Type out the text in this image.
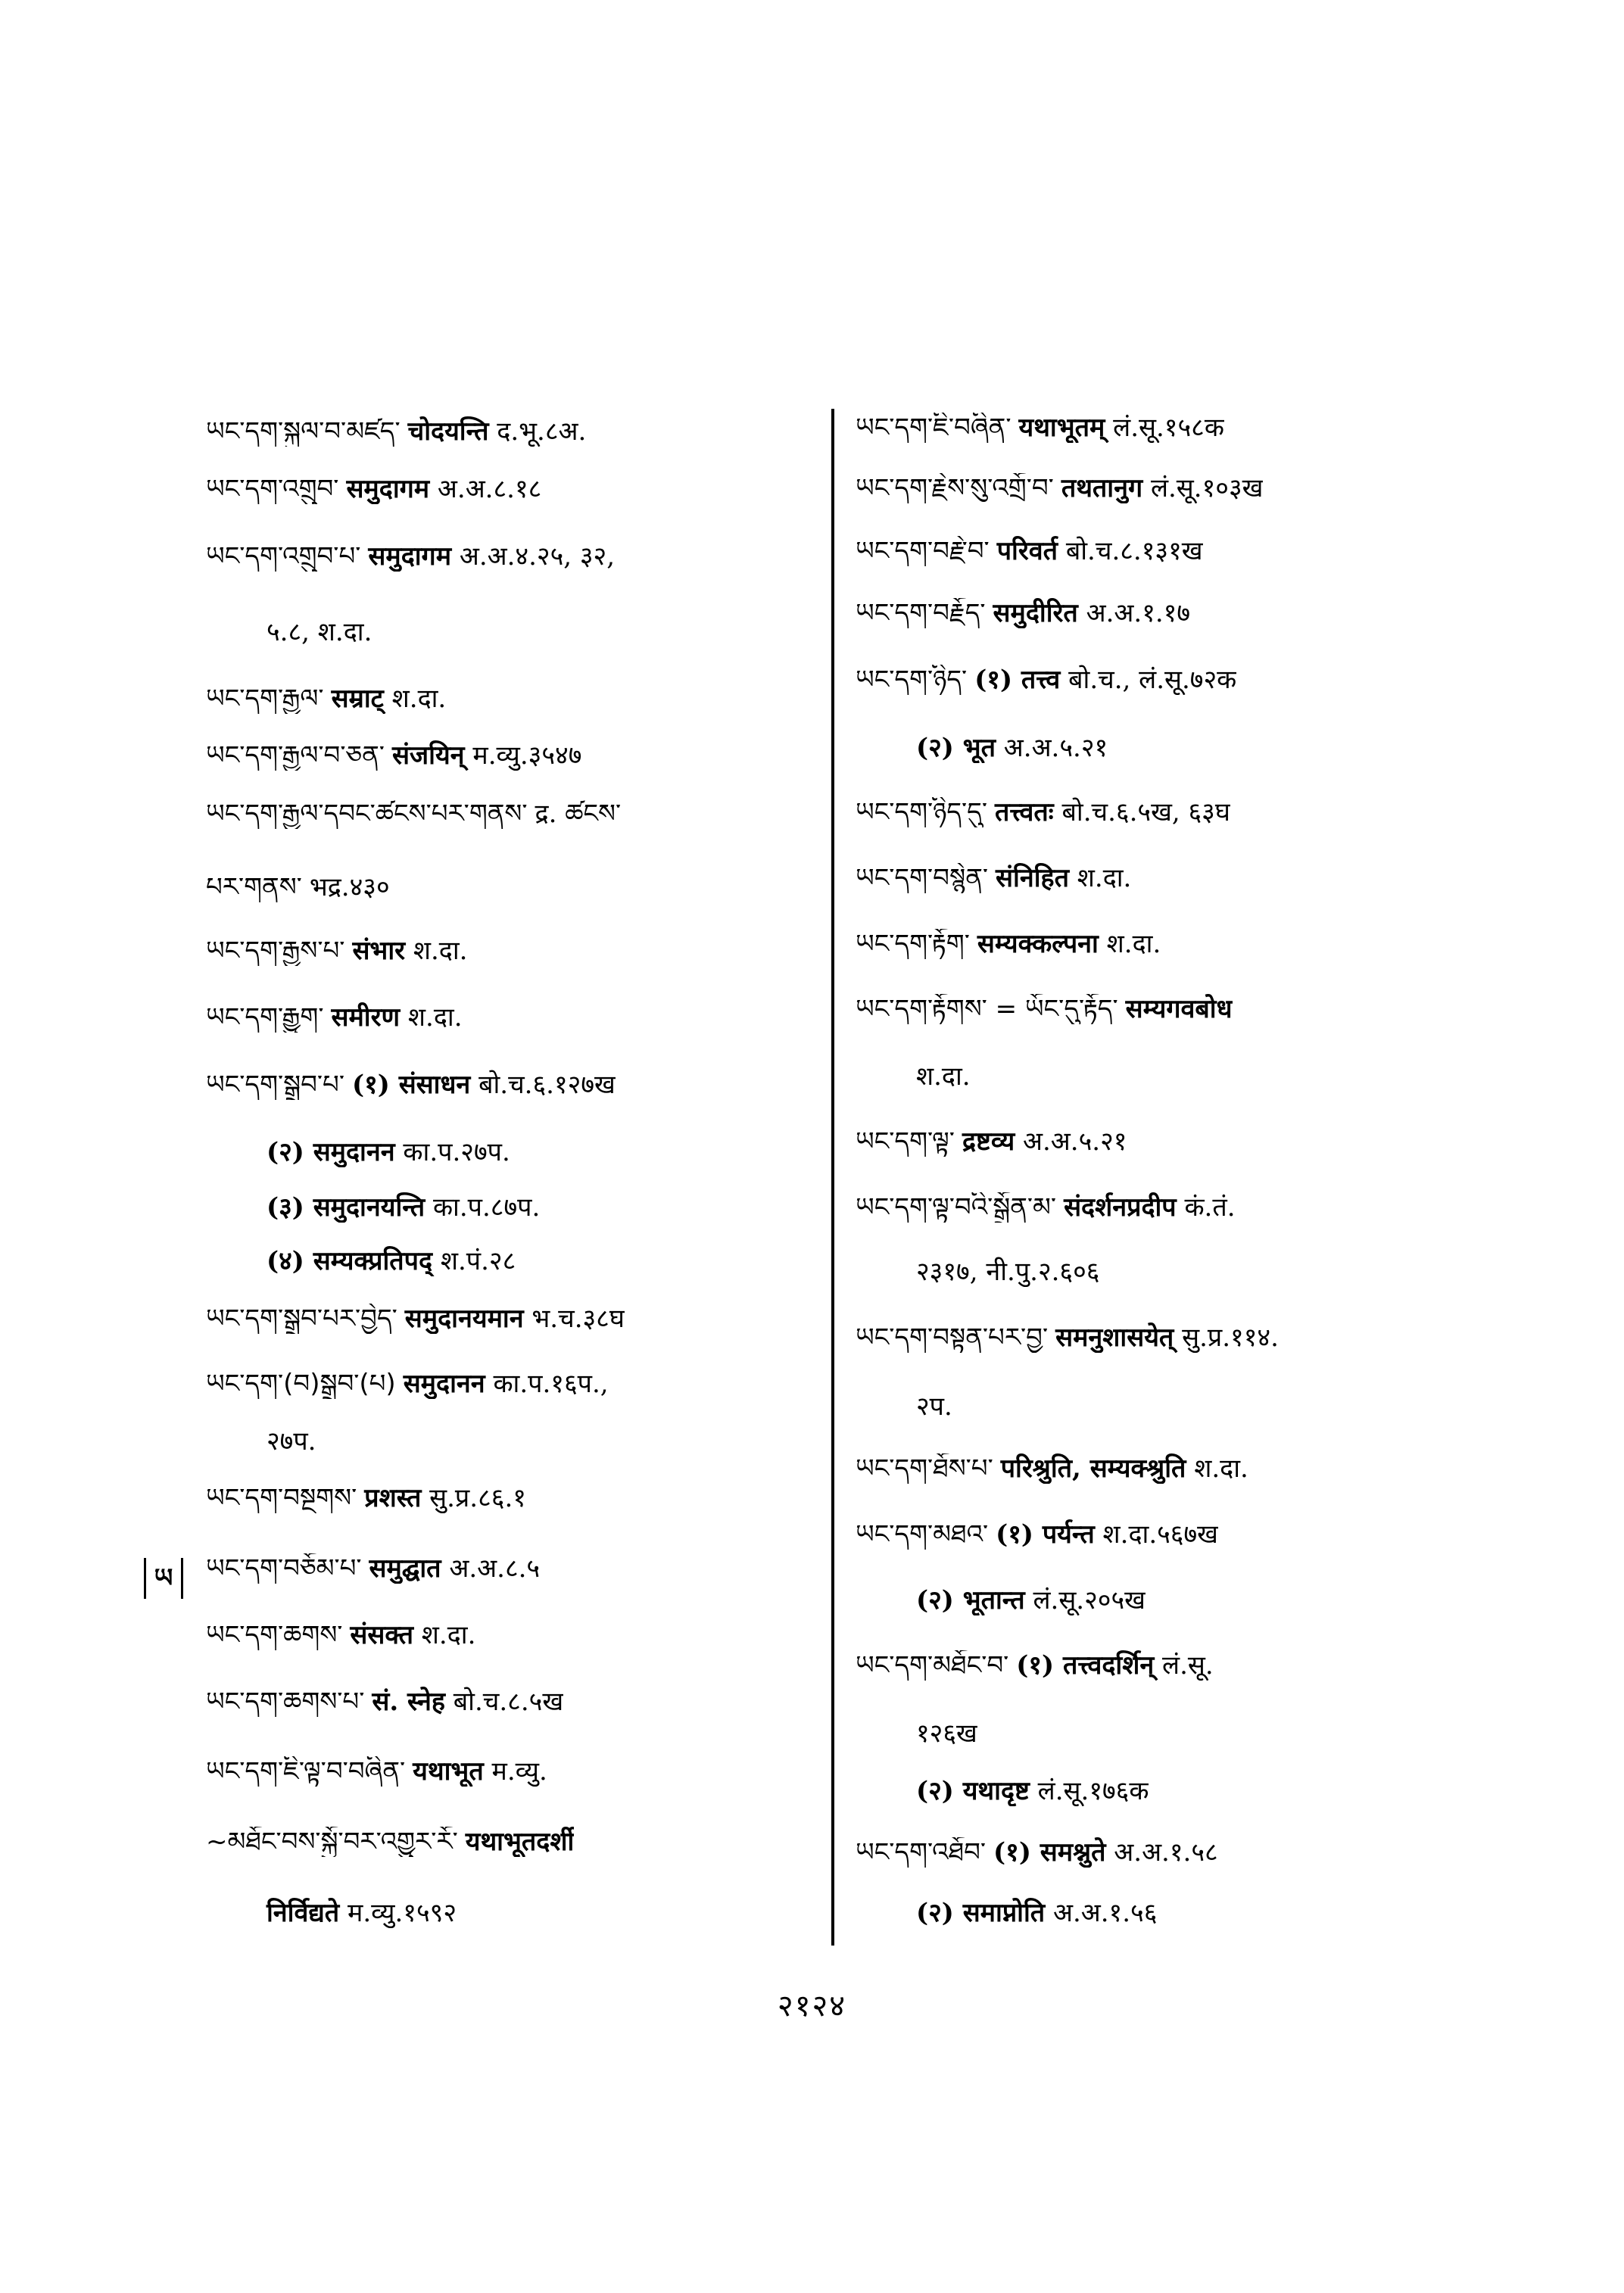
ཡང་དག་སྐུལ་བ་མཛད་ चोदयन्ति द.भू.८अ.
ཡང་དག་འགྲུབ་ समुदागम अ.अ.८.१८
ཡང་དག་འགྲུབ་པ་ समुदागम अ.अ.४.२५, ३२,
५.८, श.दा.
ཡང་དག་རྒྱལ་ सम्राट् श.दा.
ཡང་དག་རྒྱལ་བ་ཅན་ संजयिन् म.व्यु.३५४७
ཡང་དག་རྒྱལ་དབང་ཚངས་པར་གནས་ द्र. ཚངས་
པར་གནས་ भद्र.४३०
ཡང་དག་རྒྱས་པ་ संभार श.दा.
ཡང་དག་རྒྱུག་ समीरण श.दा.
ཡང་དག་སྒྲུབ་པ་ (१) संसाधन बो.च.६.१२७ख
(२) समुदानन का.प.२७प.
(३) समुदानयन्ति का.प.८७प.
(४) सम्यक्प्रतिपद् श.पं.२८
ཡང་དག་སྒྲུབ་པར་བྱེད་ समुदानयमान भ.च.३८घ
ཡང་དག་(བ)སྒྲུབ་(པ) समुदानन का.प.१६प.,
२७प.
ཡང་དག་བསྔགས་ प्रशस्त सु.प्र.८६.१
ཡང་དག་བཅོམ་པ་ समुद्घात अ.अ.८.५
ཡང་དག་ཆགས་ संसक्त श.दा.
ཡང་དག་ཆགས་པ་ सं. स्नेह बो.च.८.५ख
ཡང་དག་ཇི་ལྟ་བ་བཞིན་ यथाभूत म.व्यु.
~མཐོང་བས་སྐྱོ་བར་འགྱུར་རོ་ यथाभूतदर्शी
निर्विद्यते म.व्यु.१५९२
ཡང་དག་ཇི་བཞིན་ यथाभूतम् लं.सू.१५८क
ཡང་དག་རྗེས་སུ་འགྲོ་བ་ तथतानुग लं.सू.१०३ख
ཡང་དག་བརྗེ་བ་ परिवर्त बो.च.८.१३१ख
ཡང་དག་བརྗོད་ समुदीरित अ.अ.१.१७
ཡང་དག་ཉིད་ (१) तत्त्व बो.च., लं.सू.७२क
(२) भूत अ.अ.५.२१
ཡང་དག་ཉིད་དུ་ तत्त्वतः बो.च.६.५ख, ६३घ
ཡང་དག་བསྙེན་ संनिहित श.दा.
ཡང་དག་རྟོག་ सम्यक्कल्पना श.दा.
ཡང་དག་རྟོགས་ = ཡོང་དུ་རྟོད་ सम्यगवबोध
श.दा.
ཡང་དག་ལྟ་ द्रष्टव्य अ.अ.५.२१
ཡང་དག་ལྟ་བའི་སྒྲོན་མ་ संदर्शनप्रदीप कं.तं.
२३१७, नी.पु.२.६०६
ཡང་དག་བསྟན་པར་བྱ་ समनुशासयेत् सु.प्र.११४.
२प.
ཡང་དག་ཐོས་པ་ परिश्रुति, सम्यक्श्रुति श.दा.
ཡང་དག་མཐའ་ (१) पर्यन्त श.दा.५६७ख
(२) भूतान्त लं.सू.२०५ख
ཡང་དག་མཐོང་བ་ (१) तत्त्वदर्शिन् लं.सू.
१२६ख
(२) यथादृष्ट लं.सू.१७६क
ཡང་དག་འཐོབ་ (१) समश्नुते अ.अ.१.५८
(२) समाप्नोति अ.अ.१.५६
ཡ
२१२४
